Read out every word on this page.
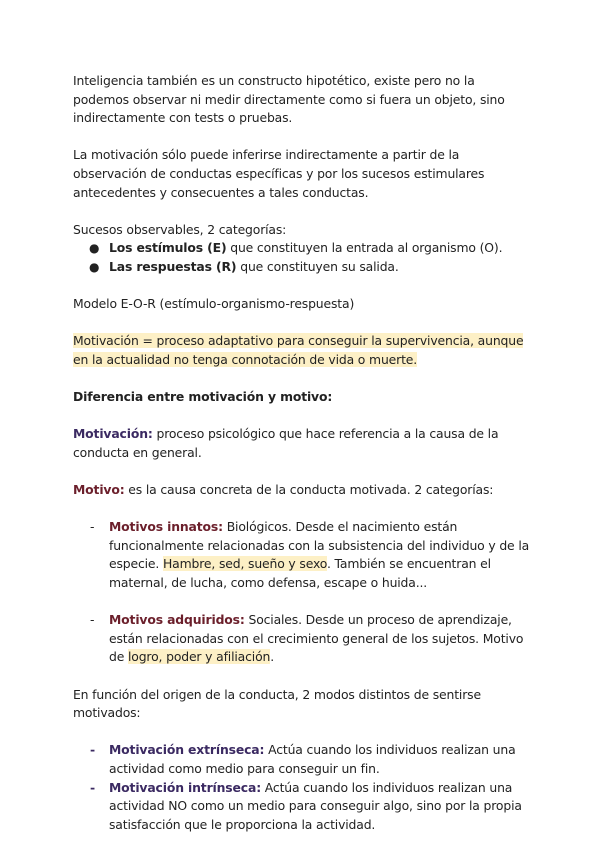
Inteligencia también es un constructo hipotético, existe pero no la podemos observar ni medir directamente como si fuera un objeto, sino indirectamente con tests o pruebas.

La motivación sólo puede inferirse indirectamente a partir de la observación de conductas específicas y por los sucesos estimulares antecedentes y consecuentes a tales conductas.

Sucesos observables, 2 categorías:

● Los estímulos (E) que constituyen la entrada al organismo (O).
● Las respuestas (R) que constituyen su salida.

Modelo E-O-R (estímulo-organismo-respuesta)

Motivación = proceso adaptativo para conseguir la supervivencia, aunque en la actualidad no tenga connotación de vida o muerte.

Diferencia entre motivación y motivo:

Motivación: proceso psicológico que hace referencia a la causa de la conducta en general.

Motivo: es la causa concreta de la conducta motivada. 2 categorías:

- Motivos innatos: Biológicos. Desde el nacimiento están funcionalmente relacionadas con la subsistencia del individuo y de la especie. Hambre, sed, sueño y sexo. También se encuentran el maternal, de lucha, como defensa, escape o huida...
- Motivos adquiridos: Sociales. Desde un proceso de aprendizaje, están relacionadas con el crecimiento general de los sujetos. Motivo de logro, poder y afiliación.

En función del origen de la conducta, 2 modos distintos de sentirse motivados:

- Motivación extrínseca: Actúa cuando los individuos realizan una actividad como medio para conseguir un fin.
- Motivación intrínseca: Actúa cuando los individuos realizan una actividad NO como un medio para conseguir algo, sino por la propia satisfacción que le proporciona la actividad.
